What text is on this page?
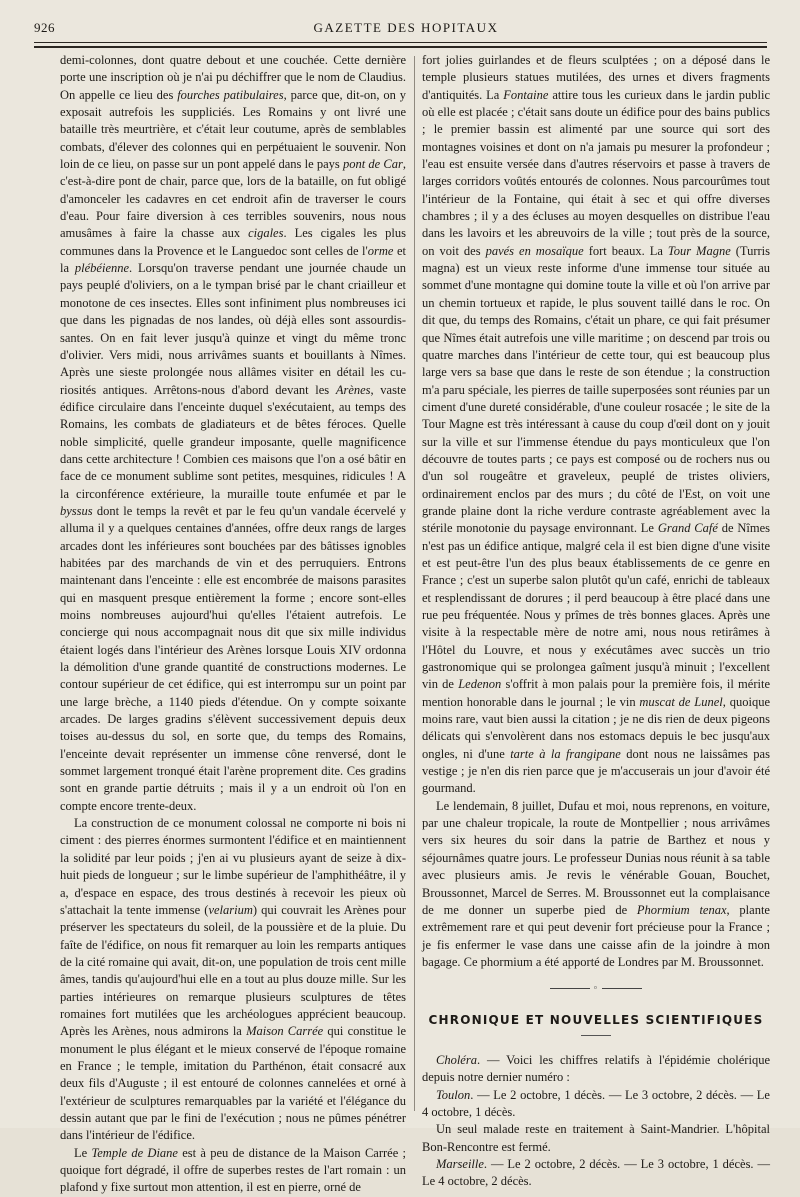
926	GAZETTE DES HOPITAUX

demi-colonnes, dont quatre debout et une couchée. Cette dernière porte une inscription où je n'ai pu déchiffrer que le nom de Claudius. On appelle ce lieu des fourches patibulaires, parce que, dit-on, on y exposait autrefois les suppliciés. Les Romains y ont livré une bataille très meurtrière, et c'était leur coutume, après de semblables combats, d'élever des colonnes qui en perpétuaient le souvenir. Non loin de ce lieu, on passe sur un pont appelé dans le pays pont de Car, c'est-à-dire pont de chair, parce que, lors de la bataille, on fut obligé d'amonceler les cadavres en cet endroit afin de traverser le cours d'eau. Pour faire diversion à ces terribles souvenirs, nous nous amusâmes à faire la chasse aux cigales. Les cigales les plus communes dans la Provence et le Languedoc sont celles de l'orme et la plébéienne. Lorsqu'on traverse pendant une journée chaude un pays peuplé d'oliviers, on a le tympan brisé par le chant criailleur et monotone de ces insectes. Elles sont infiniment plus nombreuses ici que dans les pignadas de nos landes, où déjà elles sont assourdissantes. On en fait lever jusqu'à quinze et vingt du même tronc d'olivier. Vers midi, nous arrivâmes suants et bouillants à Nîmes. Après une sieste prolongée nous allâmes visiter en détail les curiosités antiques. Arrêtons-nous d'abord devant les Arènes, vaste édifice circulaire dans l'enceinte duquel s'exécutaient, au temps des Romains, les combats de gladiateurs et de bêtes féroces. Quelle noble simplicité, quelle grandeur imposante, quelle magnificence dans cette architecture ! Combien ces maisons que l'on a osé bâtir en face de ce monument sublime sont petites, mesquines, ridicules ! A la circonférence extérieure, la muraille toute enfumée et par le byssus dont le temps la revêt et par le feu qu'un vandale écervelé y alluma il y a quelques centaines d'années, offre deux rangs de larges arcades dont les inférieures sont bouchées par des bâtisses ignobles habitées par des marchands de vin et des perruquiers. Entrons maintenant dans l'enceinte : elle est encombrée de maisons parasites qui en masquent presque entièrement la forme ; encore sont-elles moins nombreuses aujourd'hui qu'elles l'étaient autrefois. Le concierge qui nous accompagnait nous dit que six mille individus étaient logés dans l'intérieur des Arènes lorsque Louis XIV ordonna la démolition d'une grande quantité de constructions modernes. Le contour supérieur de cet édifice, qui est interrompu sur un point par une large brèche, a 1140 pieds d'étendue. On y compte soixante arcades. De larges gradins s'élèvent successivement depuis deux toises au-dessus du sol, en sorte que, du temps des Romains, l'enceinte devait représenter un immense cône renversé, dont le sommet largement tronqué était l'arène proprement dite. Ces gradins sont en grande partie détruits ; mais il y a un endroit où l'on en compte encore trente-deux.

La construction de ce monument colossal ne comporte ni bois ni ciment : des pierres énormes surmontent l'édifice et en maintiennent la solidité par leur poids ; j'en ai vu plusieurs ayant de seize à dix-huit pieds de longueur ; sur le limbe supérieur de l'amphithéâtre, il y a, d'espace en espace, des trous destinés à recevoir les pieux où s'attachait la tente immense (velarium) qui couvrait les Arènes pour préserver les spectateurs du soleil, de la poussière et de la pluie. Du faîte de l'édifice, on nous fit remarquer au loin les remparts antiques de la cité romaine qui avait, dit-on, une population de trois cent mille âmes, tandis qu'aujourd'hui elle en a tout au plus douze mille. Sur les parties intérieures on remarque plusieurs sculptures de têtes romaines fort mutilées que les archéologues apprécient beaucoup. Après les Arènes, nous admirons la Maison Carrée qui constitue le monument le plus élégant et le mieux conservé de l'époque romaine en France ; le temple, imitation du Parthénon, était consacré aux deux fils d'Auguste ; il est entouré de colonnes cannelées et orné à l'extérieur de sculptures remarquables par la variété et l'élégance du dessin autant que par le fini de l'exécution ; nous ne pûmes pénétrer dans l'intérieur de l'édifice.

Le Temple de Diane est à peu de distance de la Maison Carrée ; quoique fort dégradé, il offre de superbes restes de l'art romain : un plafond y fixe surtout mon attention, il est en pierre, orné de

fort jolies guirlandes et de fleurs sculptées ; on a déposé dans le temple plusieurs statues mutilées, des urnes et divers fragments d'antiquités. La Fontaine attire tous les curieux dans le jardin public où elle est placée ; c'était sans doute un édifice pour des bains publics ; le premier bassin est alimenté par une source qui sort des montagnes voisines et dont on n'a jamais pu mesurer la profondeur ; l'eau est ensuite versée dans d'autres réservoirs et passe à travers de larges corridors voûtés entourés de colonnes. Nous parcourûmes tout l'intérieur de la Fontaine, qui était à sec et qui offre diverses chambres ; il y a des écluses au moyen desquelles on distribue l'eau dans les lavoirs et les abreuvoirs de la ville ; tout près de la source, on voit des pavés en mosaïque fort beaux. La Tour Magne (Turris magna) est un vieux reste informe d'une immense tour située au sommet d'une montagne qui domine toute la ville et où l'on arrive par un chemin tortueux et rapide, le plus souvent taillé dans le roc. On dit que, du temps des Romains, c'était un phare, ce qui fait présumer que Nîmes était autrefois une ville maritime ; on descend par trois ou quatre marches dans l'intérieur de cette tour, qui est beaucoup plus large vers sa base que dans le reste de son étendue ; la construction m'a paru spéciale, les pierres de taille superposées sont réunies par un ciment d'une dureté considérable, d'une couleur rosacée ; le site de la Tour Magne est très intéressant à cause du coup d'œil dont on y jouit sur la ville et sur l'immense étendue du pays monticuleux que l'on découvre de toutes parts ; ce pays est composé ou de rochers nus ou d'un sol rougeâtre et graveleux, peuplé de tristes oliviers, ordinairement enclos par des murs ; du côté de l'Est, on voit une grande plaine dont la riche verdure contraste agréablement avec la stérile monotonie du paysage environnant. Le Grand Café de Nîmes n'est pas un édifice antique, malgré cela il est bien digne d'une visite et est peut-être l'un des plus beaux établissements de ce genre en France ; c'est un superbe salon plutôt qu'un café, enrichi de tableaux et resplendissant de dorures ; il perd beaucoup à être placé dans une rue peu fréquentée. Nous y prîmes de très bonnes glaces. Après une visite à la respectable mère de notre ami, nous nous retirâmes à l'Hôtel du Louvre, et nous y exécutâmes avec succès un trio gastronomique qui se prolongea gaîment jusqu'à minuit ; l'excellent vin de Ledenon s'offrit à mon palais pour la première fois, il mérite mention honorable dans le journal ; le vin muscat de Lunel, quoique moins rare, vaut bien aussi la citation ; je ne dis rien de deux pigeons délicats qui s'envolèrent dans nos estomacs depuis le bec jusqu'aux ongles, ni d'une tarte à la frangipane dont nous ne laissâmes pas vestige ; je n'en dis rien parce que je m'accuserais un jour d'avoir été gourmand.

Le lendemain, 8 juillet, Dufau et moi, nous reprenons, en voiture, par une chaleur tropicale, la route de Montpellier ; nous arrivâmes vers six heures du soir dans la patrie de Barthez et nous y séjournâmes quatre jours. Le professeur Dunias nous réunit à sa table avec plusieurs amis. Je revis le vénérable Gouan, Bouchet, Broussonnet, Marcel de Serres. M. Broussonnet eut la complaisance de me donner un superbe pied de Phormium tenax, plante extrêmement rare et qui peut devenir fort précieuse pour la France ; je fis enfermer le vase dans une caisse afin de la joindre à mon bagage. Ce phormium a été apporté de Londres par M. Broussonnet.

◦
CHRONIQUE ET NOUVELLES SCIENTIFIQUES

Choléra. — Voici les chiffres relatifs à l'épidémie cholérique depuis notre dernier numéro :

Toulon. — Le 2 octobre, 1 décès. — Le 3 octobre, 2 décès. — Le 4 octobre, 1 décès.

Un seul malade reste en traitement à Saint-Mandrier. L'hôpital Bon-Rencontre est fermé.

Marseille. — Le 2 octobre, 2 décès. — Le 3 octobre, 1 décès. — Le 4 octobre, 2 décès.
